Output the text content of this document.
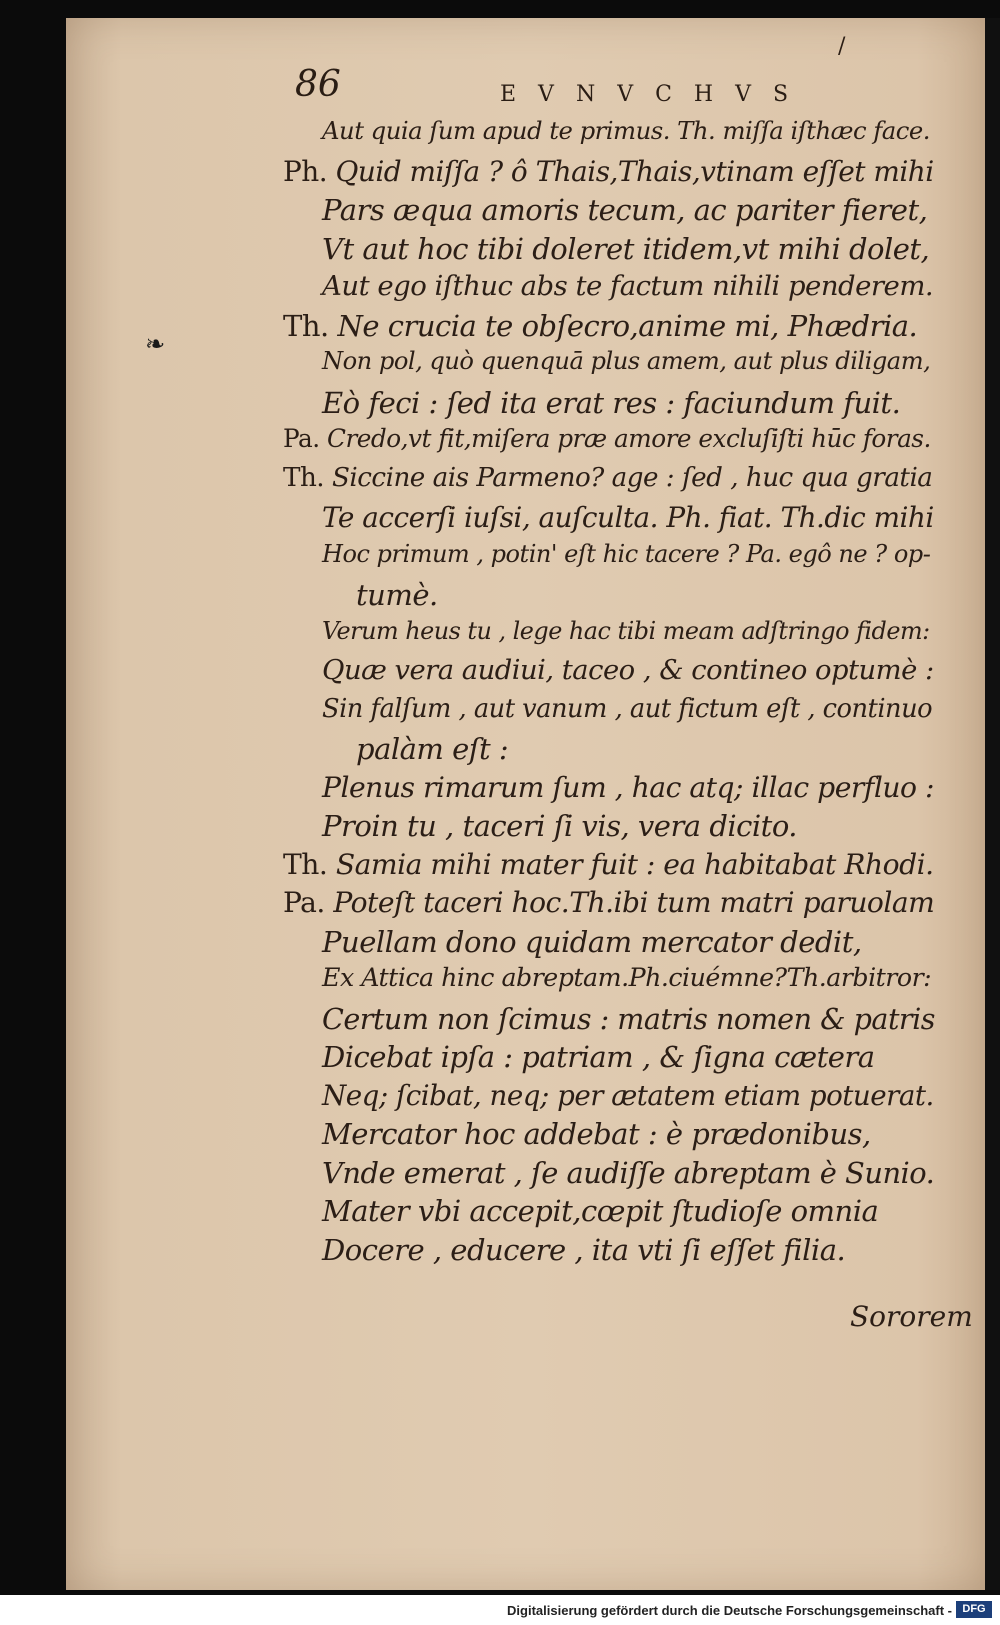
86	EVNVCHVS
/
❧
Aut quia ſum apud te primus. Th. miſſa iſthæc face.
Ph. Quid miſſa ? ô Thais,Thais,vtinam eſſet mihi
Pars æqua amoris tecum, ac pariter fieret,
Vt aut hoc tibi doleret itidem,vt mihi dolet,
Aut ego iſthuc abs te factum nihili penderem.
Th. Ne crucia te obſecro,anime mi, Phædria.
Non pol, quò quenquā plus amem, aut plus diligam,
Eò feci : ſed ita erat res : faciundum fuit.
Pa. Credo,vt fit,miſera præ amore excluſiſti hūc foras.
Th. Siccine ais Parmeno? age : ſed , huc qua gratia
Te accerſi iuſsi, auſculta. Ph. fiat. Th.dic mihi
Hoc primum , potin' eſt hic tacere ? Pa. egô ne ? op-
tumè.
Verum heus tu , lege hac tibi meam adſtringo fidem:
Quæ vera audiui, taceo , & contineo optumè :
Sin falſum , aut vanum , aut fictum eſt , continuo
palàm eſt :
Plenus rimarum ſum , hac atq; illac perfluo :
Proin tu , taceri ſi vis, vera dicito.
Th. Samia mihi mater fuit : ea habitabat Rhodi.
Pa. Poteſt taceri hoc.Th.ibi tum matri paruolam
Puellam dono quidam mercator dedit,
Ex Attica hinc abreptam.Ph.ciuémne?Th.arbitror:
Certum non ſcimus : matris nomen & patris
Dicebat ipſa : patriam , & ſigna cætera
Neq; ſcibat, neq; per ætatem etiam potuerat.
Mercator hoc addebat : è prædonibus,
Vnde emerat , ſe audiſſe abreptam è Sunio.
Mater vbi accepit,cœpit ſtudioſe omnia
Docere , educere , ita vti ſi eſſet filia.
Sororem
Digitalisierung gefördert durch die Deutsche Forschungsgemeinschaft - DFG
